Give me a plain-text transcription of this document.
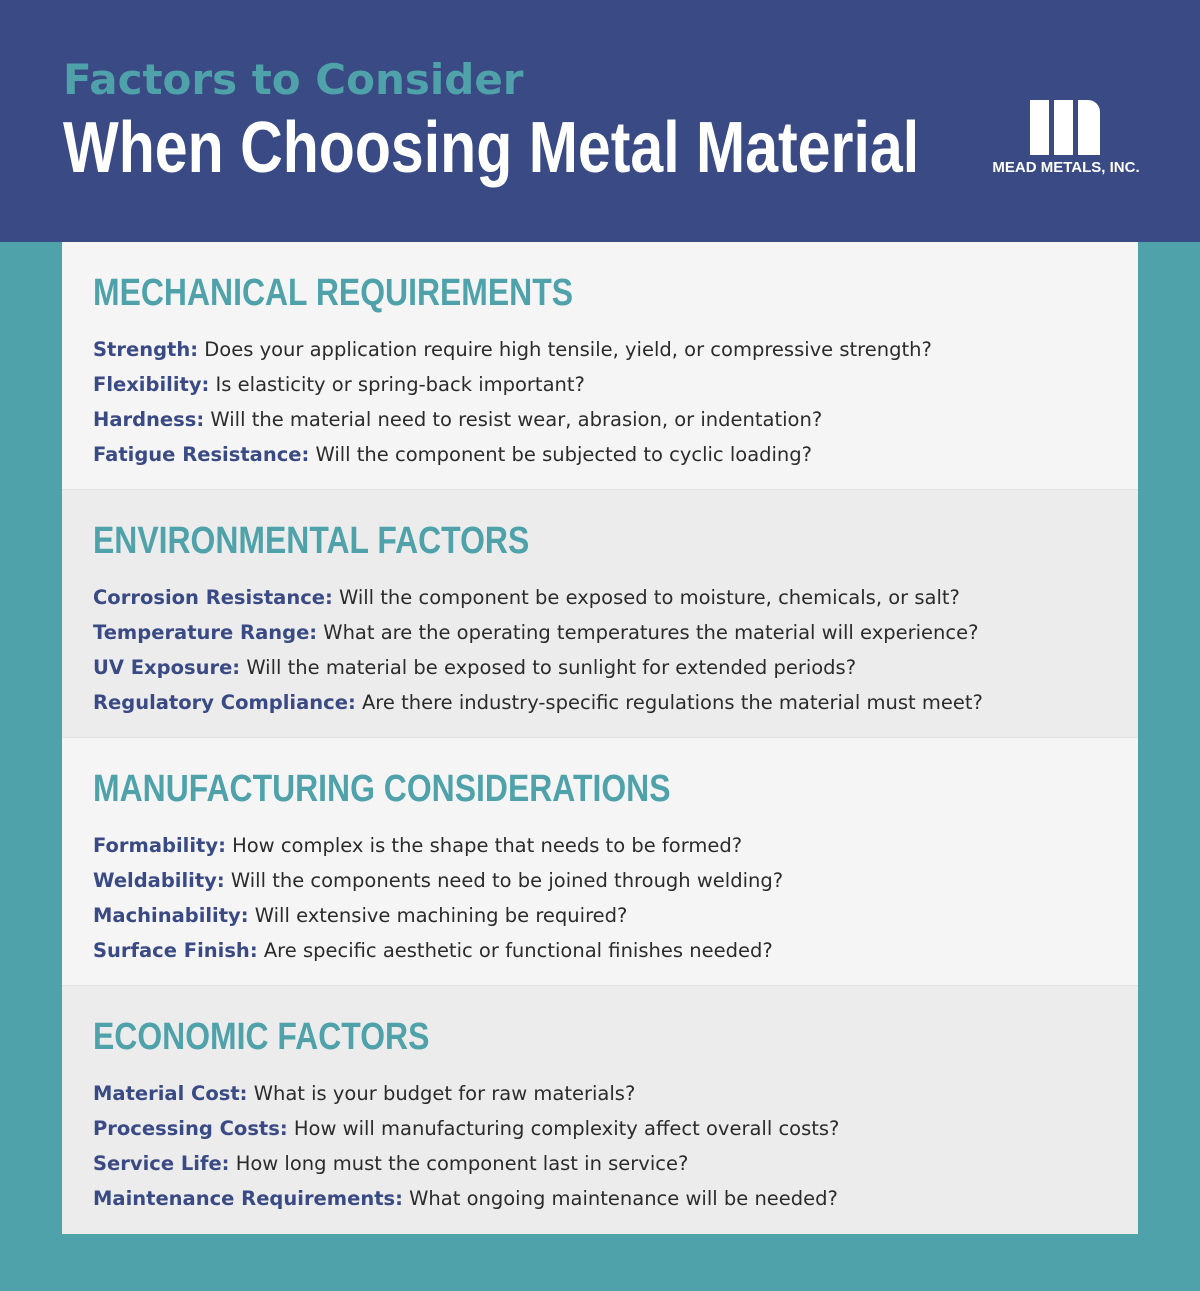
Factors to Consider
When Choosing Metal Material	MEAD METALS, INC.
MECHANICAL REQUIREMENTS
Strength: Does your application require high tensile, yield, or compressive strength?
Flexibility: Is elasticity or spring-back important?
Hardness: Will the material need to resist wear, abrasion, or indentation?
Fatigue Resistance: Will the component be subjected to cyclic loading?
ENVIRONMENTAL FACTORS
Corrosion Resistance: Will the component be exposed to moisture, chemicals, or salt?
Temperature Range: What are the operating temperatures the material will experience?
UV Exposure: Will the material be exposed to sunlight for extended periods?
Regulatory Compliance: Are there industry-specific regulations the material must meet?
MANUFACTURING CONSIDERATIONS
Formability: How complex is the shape that needs to be formed?
Weldability: Will the components need to be joined through welding?
Machinability: Will extensive machining be required?
Surface Finish: Are specific aesthetic or functional finishes needed?
ECONOMIC FACTORS
Material Cost: What is your budget for raw materials?
Processing Costs: How will manufacturing complexity affect overall costs?
Service Life: How long must the component last in service?
Maintenance Requirements: What ongoing maintenance will be needed?
